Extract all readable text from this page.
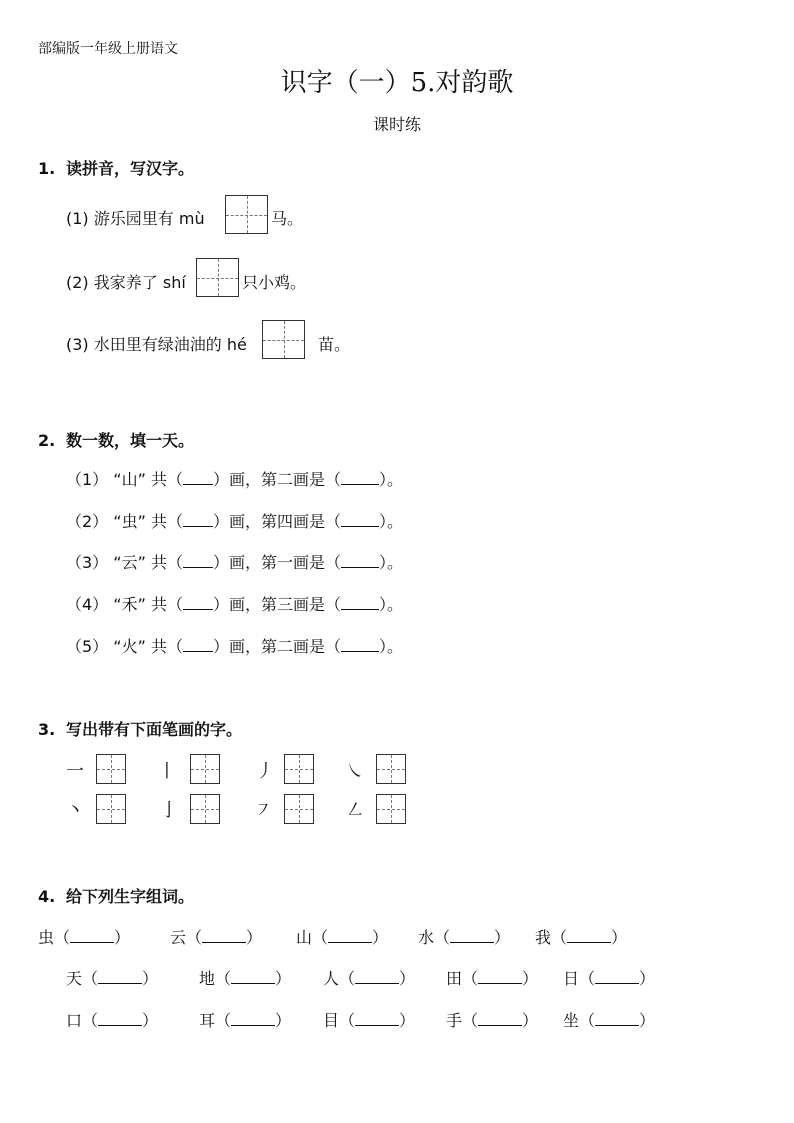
部编版一年级上册语文
识字（一）5.对韵歌
课时练
1. 读拼音，写汉字。
(1) 游乐园里有 mù	马。
(2) 我家养了 shí	只小鸡。
(3) 水田里有绿油油的 hé	苗。
2. 数一数，填一天。
（1） “山” 共（ ）画，第二画是（ ）。
（2） “虫” 共（ ）画，第四画是（ ）。
（3） “云” 共（ ）画，第一画是（ ）。
（4） “禾” 共（ ）画，第三画是（ ）。
（5） “火” 共（ ）画，第二画是（ ）。
3. 写出带有下面笔画的字。
一	丨	丿	㇏
丶	亅	㇇	㇜
4. 给下列生字组词。
虫（	） 云（	） 山（	） 水（	） 我（	）
天（	）	地（	） 人（	） 田（	） 日（	）
口（	）	耳（	） 目（	） 手（	） 坐（	）
